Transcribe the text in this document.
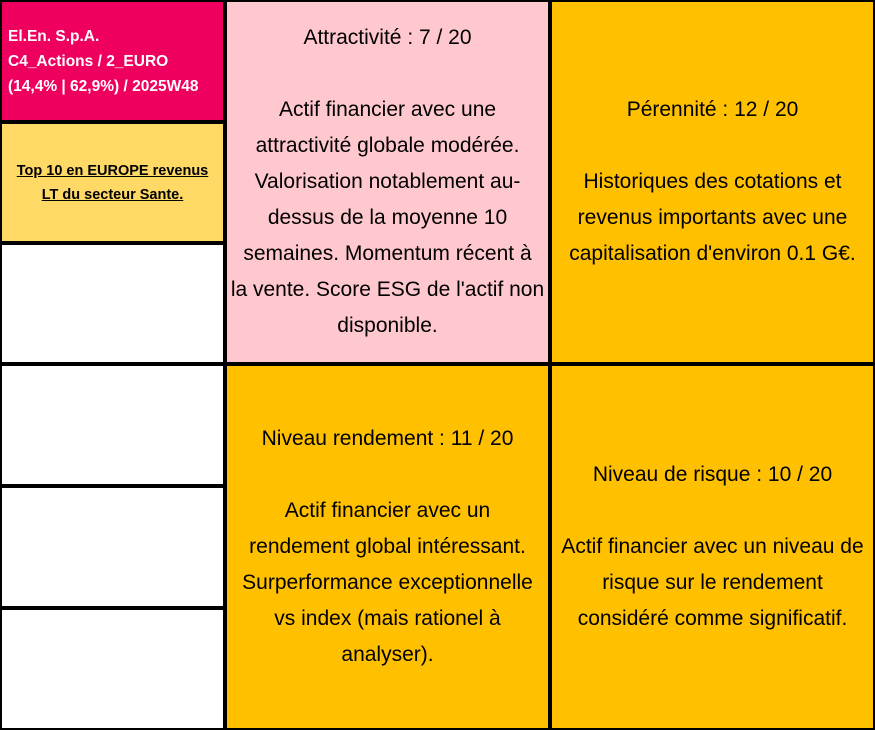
El.En. S.p.A.
C4_Actions / 2_EURO
(14,4% | 62,9%) / 2025W48
Top 10 en EUROPE revenus
LT du secteur Sante.
Attractivité : 7 / 20
Actif financier avec une
attractivité globale modérée.
Valorisation notablement au-
dessus de la moyenne 10
semaines. Momentum récent à
la vente. Score ESG de l'actif non
disponible.
Pérennité : 12 / 20
Historiques des cotations et
revenus importants avec une
capitalisation d'environ 0.1 G€.
Niveau rendement : 11 / 20
Actif financier avec un
rendement global intéressant.
Surperformance exceptionnelle
vs index (mais rationel à
analyser).
Niveau de risque : 10 / 20
Actif financier avec un niveau de
risque sur le rendement
considéré comme significatif.
